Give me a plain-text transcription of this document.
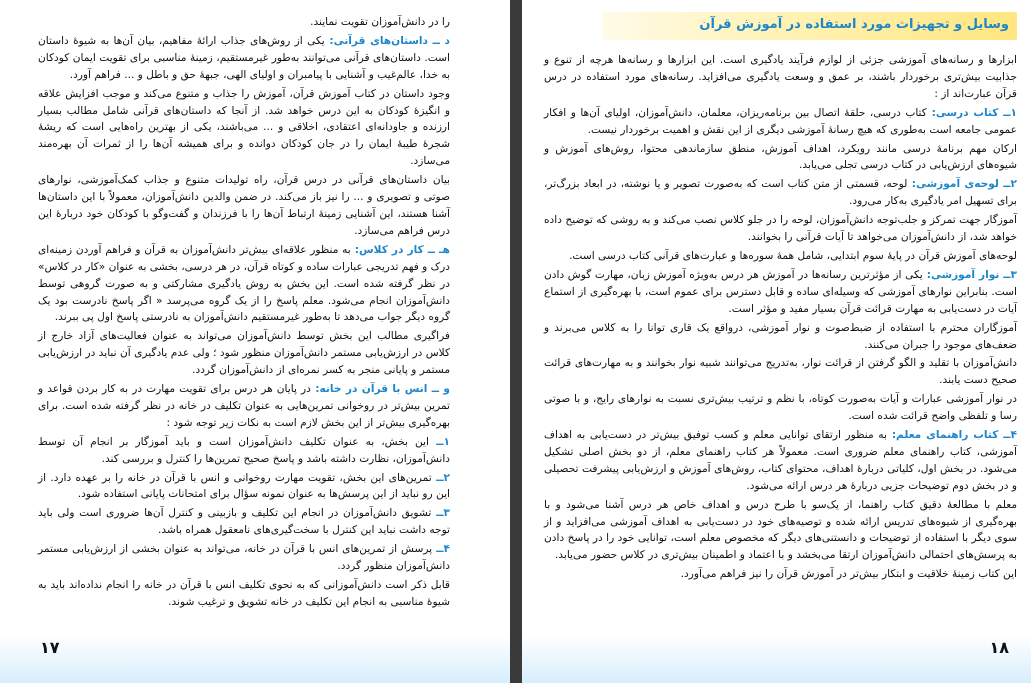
را در دانش‌آموزان تقویت نمایند.

د ــ داستان‌های قرآنی: یکی از روش‌های جذاب ارائهٔ مفاهیم، بیان آن‌ها به شیوهٔ داستان است. داستان‌های قرآنی می‌توانند به‌طور غیرمستقیم، زمینهٔ مناسبی برای تقویت ایمان کودکان به خدا، عالم‌غیب و آشنایی با پیامبران و اولیای الهی، جبههٔ حق و باطل و ... فراهم آورد.

وجود داستان در کتاب آموزش قرآن، آموزش را جذاب و متنوع می‌کند و موجب افزایش علاقه و انگیزهٔ کودکان به این درس خواهد شد. از آنجا که داستان‌های قرآنی شامل مطالب بسیار ارزنده و جاودانه‌ای اعتقادی، اخلاقی و ... می‌باشند، یکی از بهترین راه‌هایی است که ریشهٔ شجرهٔ طیبهٔ ایمان را در جان کودکان دوانده و برای همیشه آن‌ها را از ثمرات آن بهره‌مند می‌سازد.

بیان داستان‌های قرآنی در درس قرآن، راه تولیدات متنوع و جذاب کمک‌آموزشی، نوارهای صوتی و تصویری و ... را نیز باز می‌کند. در ضمن والدین دانش‌آموزان، معمولاً با این داستان‌ها آشنا هستند، این آشنایی زمینهٔ ارتباط آن‌ها را با فرزندان و گفت‌وگو با کودکان خود دربارهٔ این درس فراهم می‌سازد.

هـ ــ کار در کلاس: به منظور علاقه‌ای بیش‌تر دانش‌آموزان به قرآن و فراهم آوردن زمینه‌ای درک و فهم تدریجی عبارات ساده و کوتاه قرآن، در هر درسی، بخشی به عنوان «کار در کلاس» در نظر گرفته شده است. این بخش به روش یادگیری مشارکتی و به صورت گروهی توسط دانش‌آموزان انجام می‌شود. معلم پاسخ را از یک گروه می‌پرسد « اگر پاسخ نادرست بود یک گروه دیگر جواب می‌دهد تا به‌طور غیرمستقیم دانش‌آموزان به نادرستی پاسخ اول پی ببرند.

فراگیری مطالب این بخش توسط دانش‌آموزان می‌تواند به عنوان فعالیت‌های آزاد خارج از کلاس در ارزش‌یابی مستمر دانش‌آموزان منظور شود ؛ ولی عدم یادگیری آن نباید در ارزش‌یابی مستمر و پایانی منجر به کسر نمره‌ای از دانش‌آموزان گردد.

و ــ انس با قرآن در خانه: در پایان هر درس برای تقویت مهارت در به کار بردن قواعد و تمرین بیش‌تر در روخوانی تمرین‌هایی به عنوان تکلیف در خانه در نظر گرفته شده است. برای بهره‌گیری بیش‌تر از این بخش لازم است به نکات زیر توجه شود :

۱ــ این بخش، به عنوان تکلیف دانش‌آموزان است و باید آموزگار بر انجام آن توسط دانش‌آموزان، نظارت داشته باشد و پاسخ صحیح تمرین‌ها را کنترل و بررسی کند.

۲ــ تمرین‌های این بخش، تقویت مهارت روخوانی و انس با قرآن در خانه را بر عهده دارد. از این رو نباید از این پرسش‌ها به عنوان نمونه سؤال برای امتحانات پایانی استفاده شود.

۳ــ تشویق دانش‌آموزان در انجام این تکلیف و بازبینی و کنترل آن‌ها ضروری است ولی باید توجه داشت نباید این کنترل با سخت‌گیری‌های نامعقول همراه باشد.

۴ــ پرسش از تمرین‌های انس با قرآن در خانه، می‌تواند به عنوان بخشی از ارزش‌یابی مستمر دانش‌آموزان منظور گردد.

قابل ذکر است دانش‌آموزانی که به نحوی تکلیف انس با قرآن در خانه را انجام نداده‌اند باید به شیوهٔ مناسبی به انجام این تکلیف در خانه تشویق و ترغیب شوند.

۱۷
وسایل و تجهیزات مورد استفاده در آموزش قرآن

ابزارها و رسانه‌های آموزشی جزئی از لوازم فرآیند یادگیری است. این ابزارها و رسانه‌ها هرچه از تنوع و جذابیت بیش‌تری برخوردار باشند، بر عمق و وسعت یادگیری می‌افزاید. رسانه‌های مورد استفاده در درس قرآن عبارت‌اند از :

۱ــ کتاب درسی: کتاب درسی، حلقهٔ اتصال بین برنامه‌ریزان، معلمان، دانش‌آموزان، اولیای آن‌ها و افکار عمومی جامعه است به‌طوری که هیچ رسانهٔ آموزشی دیگری از این نقش و اهمیت برخوردار نیست.

ارکان مهم برنامهٔ درسی مانند رویکرد، اهداف آموزش، منطق سازماندهی محتوا، روش‌های آموزش و شیوه‌های ارزش‌یابی در کتاب درسی تجلی می‌یابد.

۲ــ لوحه‌ی آموزشی: لوحه، قسمتی از متن کتاب است که به‌صورت تصویر و یا نوشته، در ابعاد بزرگ‌تر، برای تسهیل امر یادگیری به‌کار می‌رود.

آموزگار جهت تمرکز و جلب‌توجه دانش‌آموزان، لوحه را در جلو کلاس نصب می‌کند و به روشی که توضیح داده خواهد شد، از دانش‌آموزان می‌خواهد تا آیات قرآنی را بخوانند.

لوحه‌های آموزش قرآن در پایهٔ سوم ابتدایی، شامل همهٔ سوره‌ها و عبارت‌های قرآنی کتاب درسی است.

۳ــ نوار آموزشی: یکی از مؤثرترین رسانه‌ها در آموزش هر درس به‌ویژه آموزش زبان، مهارت گوش دادن است. بنابراین نوارهای آموزشی که وسیله‌ای ساده و قابل دسترس برای عموم است، با بهره‌گیری از استماع آیات در دست‌یابی به مهارت قرائت قرآن بسیار مفید و مؤثر است.

آموزگاران محترم با استفاده از ضبط‌صوت و نوار آموزشی، درواقع یک قاری توانا را به کلاس می‌برند و ضعف‌های موجود را جبران می‌کنند.

دانش‌آموزان با تقلید و الگو گرفتن از قرائت نوار، به‌تدریج می‌توانند شبیه نوار بخوانند و به مهارت‌های قرائت صحیح دست یابند.

در نوار آموزشی عبارات و آیات به‌صورت کوتاه، با نظم و ترتیب بیش‌تری نسبت به نوارهای رایج، و با صوتی رسا و تلفظی واضح قرائت شده است.

۴ــ کتاب راهنمای معلم: به منظور ارتقای توانایی معلم و کسب توفیق بیش‌تر در دست‌یابی به اهداف آموزشی، کتاب راهنمای معلم ضروری است. معمولاً هر کتاب راهنمای معلم، از دو بخش اصلی تشکیل می‌شود. در بخش اول، کلیاتی دربارهٔ اهداف، محتوای کتاب، روش‌های آموزش و ارزش‌یابی پیشرفت تحصیلی و در بخش دوم توضیحات جزیی دربارهٔ هر درس ارائه می‌شود.

معلم با مطالعهٔ دقیق کتاب راهنما، از یک‌سو با طرح درس و اهداف خاص هر درس آشنا می‌شود و با بهره‌گیری از شیوه‌های تدریس ارائه شده و توصیه‌های خود در دست‌یابی به اهداف آموزشی می‌افزاید و از سوی دیگر با استفاده از توضیحات و دانستنی‌های دیگر که مخصوص معلم است، توانایی خود را در پاسخ دادن به پرسش‌های احتمالی دانش‌آموزان ارتقا می‌بخشد و با اعتماد و اطمینان بیش‌تری در کلاس حضور می‌یابد.

این کتاب زمینهٔ خلاقیت و ابتکار بیش‌تر در آموزش قرآن را نیز فراهم می‌آورد.

۱۸
